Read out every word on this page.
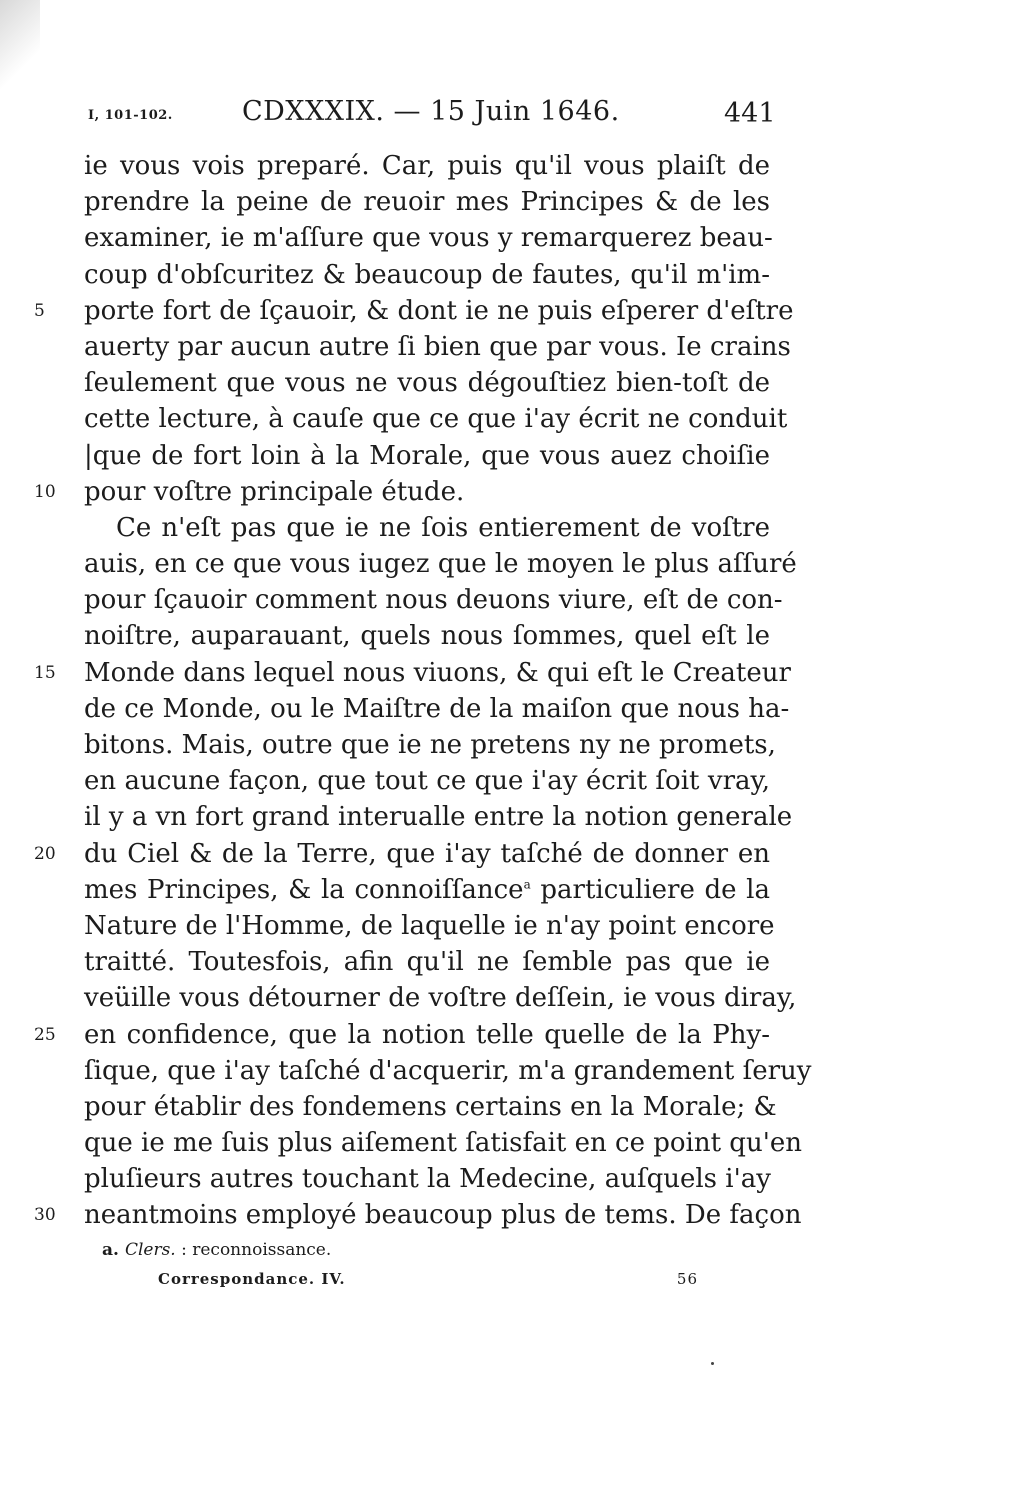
I, 101-102.	CDXXXIX. — 15 Juin 1646.	441
ie vous vois preparé. Car, puis qu'il vous plaiſt de
prendre la peine de reuoir mes Principes & de les
examiner, ie m'aſſure que vous y remarquerez beau-
coup d'obſcuritez & beaucoup de fautes, qu'il m'im-
5	porte fort de ſçauoir, & dont ie ne puis eſperer d'eſtre
auerty par aucun autre ſi bien que par vous. Ie crains
ſeulement que vous ne vous dégouſtiez bien-toſt de
cette lecture, à cauſe que ce que i'ay écrit ne conduit
|que de fort loin à la Morale, que vous auez choiſie
10	pour voſtre principale étude.
Ce n'eſt pas que ie ne ſois entierement de voſtre
auis, en ce que vous iugez que le moyen le plus aſſuré
pour ſçauoir comment nous deuons viure, eſt de con-
noiſtre, auparauant, quels nous ſommes, quel eſt le
15	Monde dans lequel nous viuons, & qui eſt le Createur
de ce Monde, ou le Maiſtre de la maiſon que nous ha-
bitons. Mais, outre que ie ne pretens ny ne promets,
en aucune façon, que tout ce que i'ay écrit ſoit vray,
il y a vn fort grand interualle entre la notion generale
20	du Ciel & de la Terre, que i'ay taſché de donner en
mes Principes, & la connoiſſance$^a$ particuliere de la
Nature de l'Homme, de laquelle ie n'ay point encore
traitté. Toutesfois, afin qu'il ne ſemble pas que ie
veüille vous détourner de voſtre deſſein, ie vous diray,
25	en confidence, que la notion telle quelle de la Phy-
ſique, que i'ay taſché d'acquerir, m'a grandement ſeruy
pour établir des fondemens certains en la Morale; &
que ie me ſuis plus aiſement ſatisfait en ce point qu'en
pluſieurs autres touchant la Medecine, auſquels i'ay
30	neantmoins employé beaucoup plus de tems. De façon
a. Clers. : reconnoissance.
Correspondance. IV.	56
